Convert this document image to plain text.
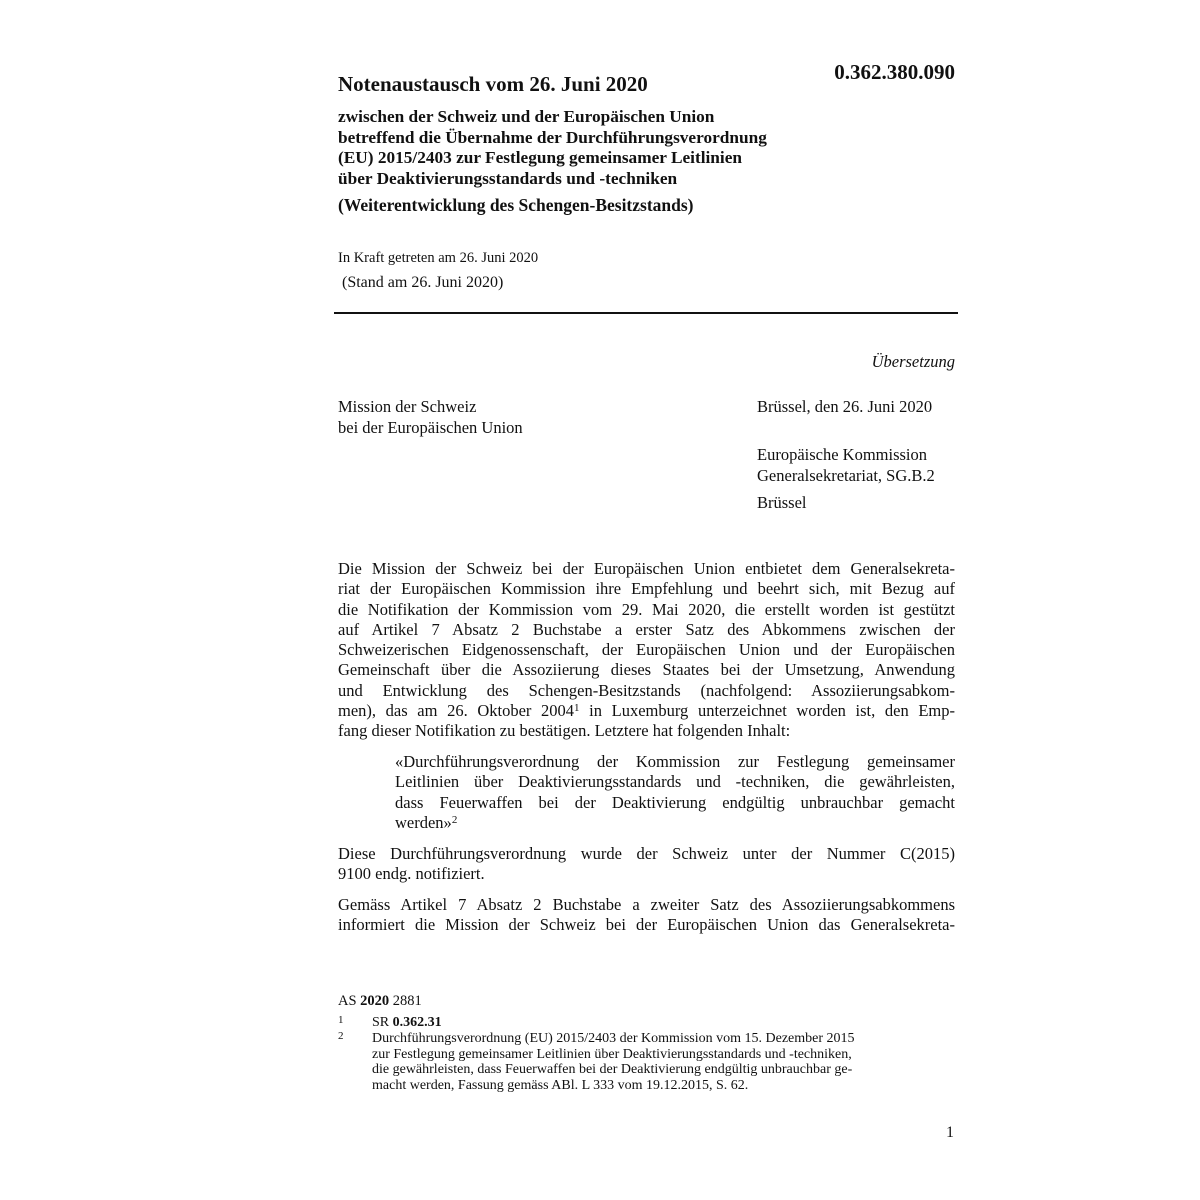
0.362.380.090
Notenaustausch vom 26. Juni 2020
zwischen der Schweiz und der Europäischen Union
betreffend die Übernahme der Durchführungsverordnung
(EU) 2015/2403 zur Festlegung gemeinsamer Leitlinien
über Deaktivierungsstandards und -techniken
(Weiterentwicklung des Schengen-Besitzstands)
In Kraft getreten am 26. Juni 2020
(Stand am 26. Juni 2020)
Übersetzung
Mission der Schweiz
bei der Europäischen Union
Brüssel, den 26. Juni 2020
Europäische Kommission
Generalsekretariat, SG.B.2
Brüssel

Die Mission der Schweiz bei der Europäischen Union entbietet dem Generalsekreta-
riat der Europäischen Kommission ihre Empfehlung und beehrt sich, mit Bezug auf
die Notifikation der Kommission vom 29. Mai 2020, die erstellt worden ist gestützt
auf Artikel 7 Absatz 2 Buchstabe a erster Satz des Abkommens zwischen der
Schweizerischen Eidgenossenschaft, der Europäischen Union und der Europäischen
Gemeinschaft über die Assoziierung dieses Staates bei der Umsetzung, Anwendung
und Entwicklung des Schengen-Besitzstands (nachfolgend: Assoziierungsabkom-
men), das am 26. Oktober 2004$^1$ in Luxemburg unterzeichnet worden ist, den Emp-
fang dieser Notifikation zu bestätigen. Letztere hat folgenden Inhalt:

«Durchführungsverordnung der Kommission zur Festlegung gemeinsamer
Leitlinien über Deaktivierungsstandards und -techniken, die gewährleisten,
dass Feuerwaffen bei der Deaktivierung endgültig unbrauchbar gemacht
werden»$^2$

Diese Durchführungsverordnung wurde der Schweiz unter der Nummer C(2015)
9100 endg. notifiziert.

Gemäss Artikel 7 Absatz 2 Buchstabe a zweiter Satz des Assoziierungsabkommens
informiert die Mission der Schweiz bei der Europäischen Union das Generalsekreta-

AS 2020 2881
1 SR 0.362.31
2 Durchführungsverordnung (EU) 2015/2403 der Kommission vom 15. Dezember 2015
zur Festlegung gemeinsamer Leitlinien über Deaktivierungsstandards und -techniken,
die gewährleisten, dass Feuerwaffen bei der Deaktivierung endgültig unbrauchbar ge-
macht werden, Fassung gemäss ABl. L 333 vom 19.12.2015, S. 62.
1
